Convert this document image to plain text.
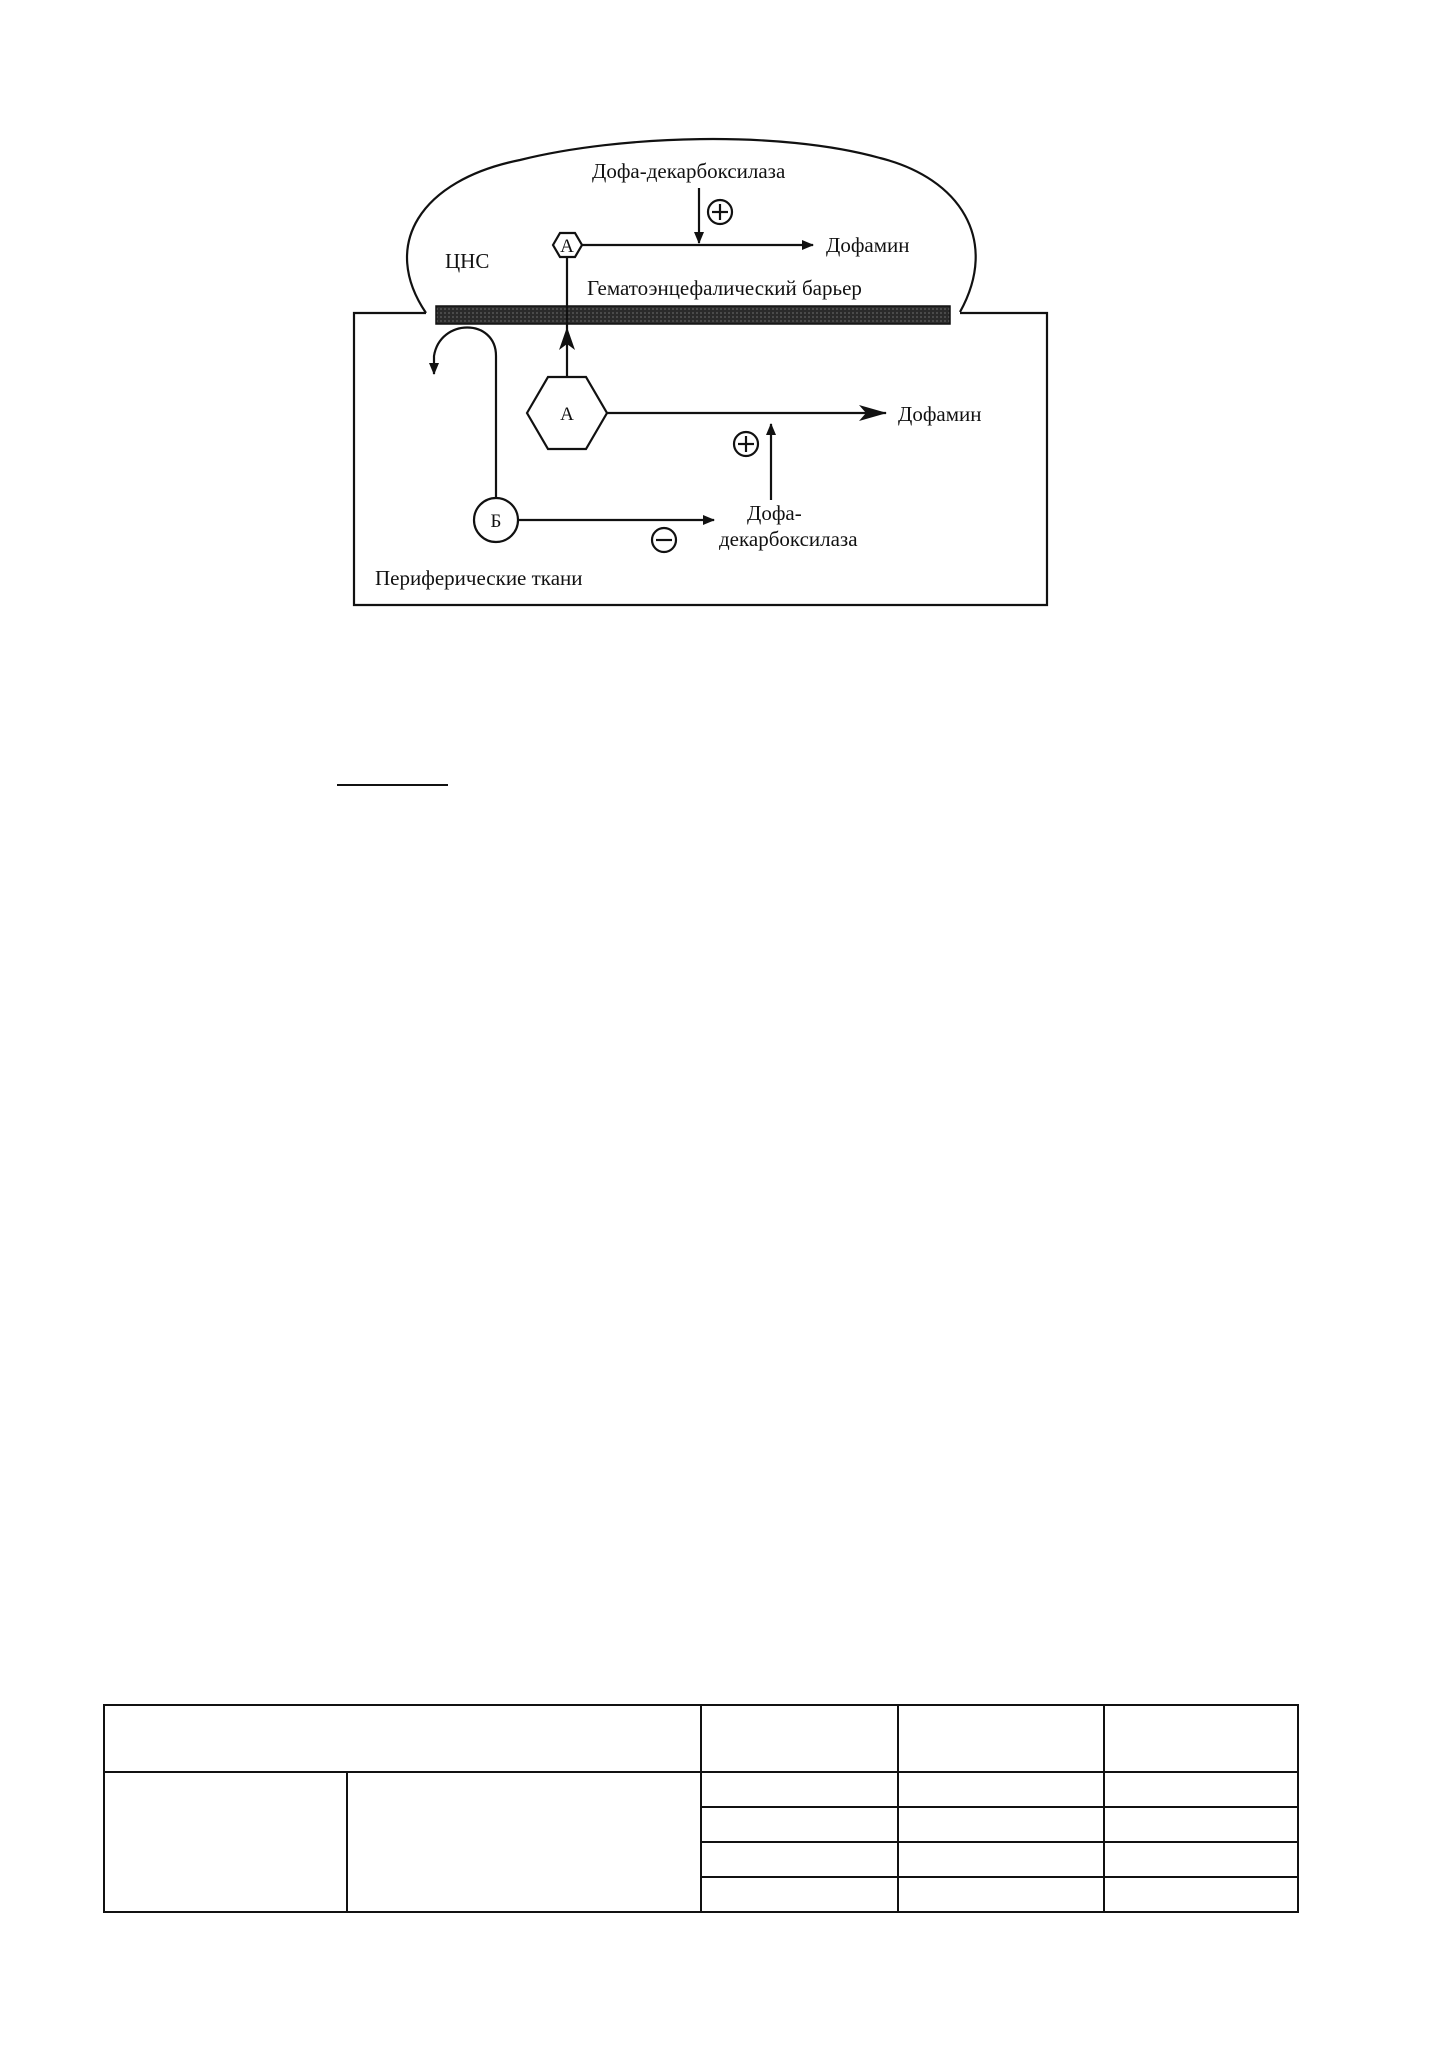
ЦНС
Гематоэнцефалический барьер
Периферические ткани
Дофа-декарбоксилаза
А	Дофамин
А	Дофамин
Дофа-
декарбоксилаза
Б
